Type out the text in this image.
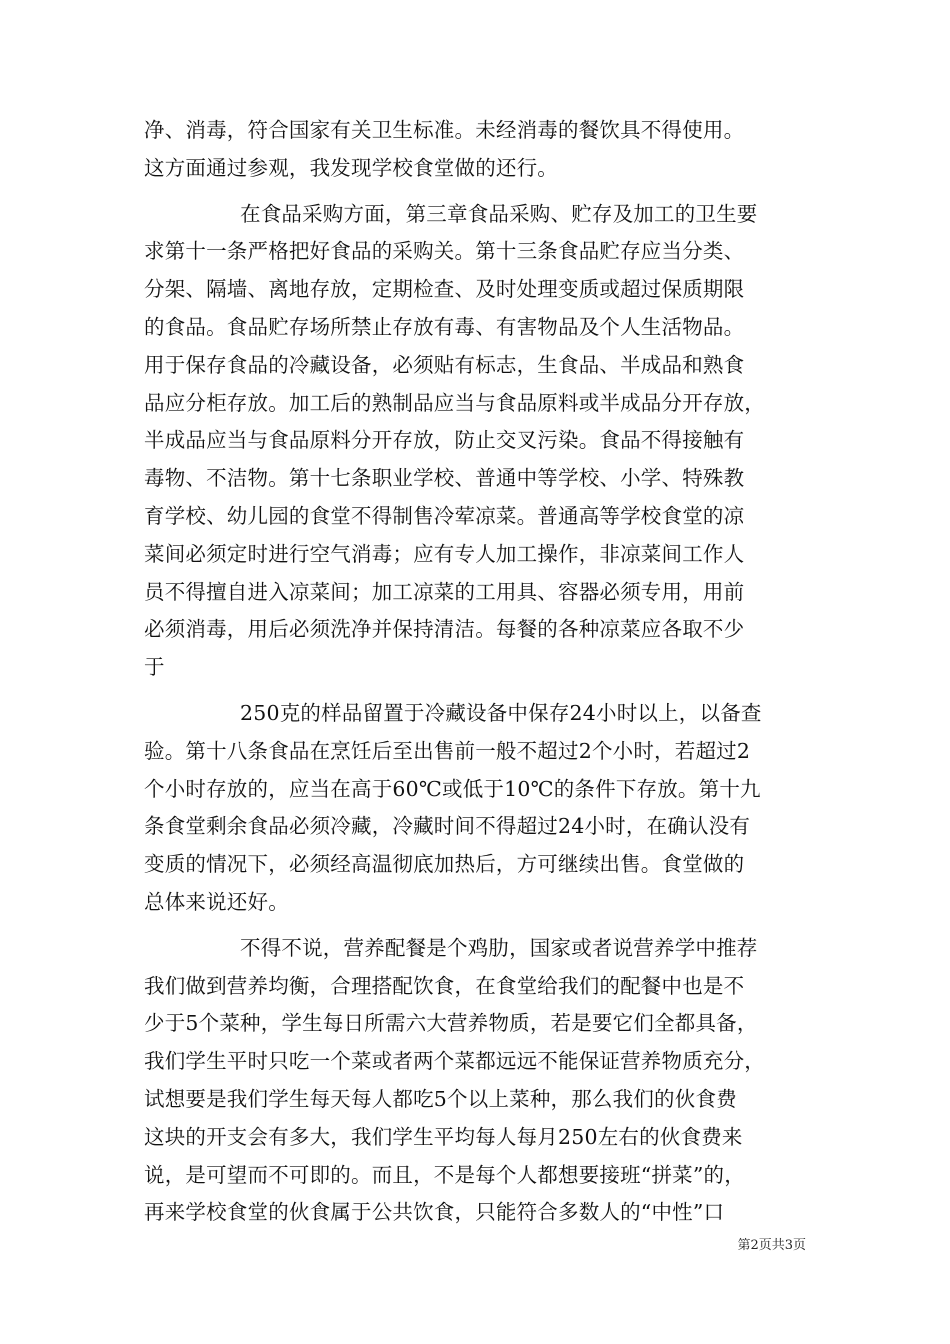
净、消毒，符合国家有关卫生标准。未经消毒的餐饮具不得使用。
这方面通过参观，我发现学校食堂做的还行。
在食品采购方面，第三章食品采购、贮存及加工的卫生要
求第十一条严格把好食品的采购关。第十三条食品贮存应当分类、
分架、隔墙、离地存放，定期检查、及时处理变质或超过保质期限
的食品。食品贮存场所禁止存放有毒、有害物品及个人生活物品。
用于保存食品的冷藏设备，必须贴有标志，生食品、半成品和熟食
品应分柜存放。加工后的熟制品应当与食品原料或半成品分开存放，
半成品应当与食品原料分开存放，防止交叉污染。食品不得接触有
毒物、不洁物。第十七条职业学校、普通中等学校、小学、特殊教
育学校、幼儿园的食堂不得制售冷荤凉菜。普通高等学校食堂的凉
菜间必须定时进行空气消毒；应有专人加工操作，非凉菜间工作人
员不得擅自进入凉菜间；加工凉菜的工用具、容器必须专用，用前
必须消毒，用后必须洗净并保持清洁。每餐的各种凉菜应各取不少
于
250克的样品留置于冷藏设备中保存24小时以上，以备查
验。第十八条食品在烹饪后至出售前一般不超过2个小时，若超过2
个小时存放的，应当在高于60℃或低于10℃的条件下存放。第十九
条食堂剩余食品必须冷藏，冷藏时间不得超过24小时，在确认没有
变质的情况下，必须经高温彻底加热后，方可继续出售。食堂做的
总体来说还好。
不得不说，营养配餐是个鸡肋，国家或者说营养学中推荐
我们做到营养均衡，合理搭配饮食，在食堂给我们的配餐中也是不
少于5个菜种，学生每日所需六大营养物质，若是要它们全都具备，
我们学生平时只吃一个菜或者两个菜都远远不能保证营养物质充分，
试想要是我们学生每天每人都吃5个以上菜种，那么我们的伙食费
这块的开支会有多大，我们学生平均每人每月250左右的伙食费来
说，是可望而不可即的。而且，不是每个人都想要接班“拼菜”的，
再来学校食堂的伙食属于公共饮食，只能符合多数人的“中性”口
第2页共3页
